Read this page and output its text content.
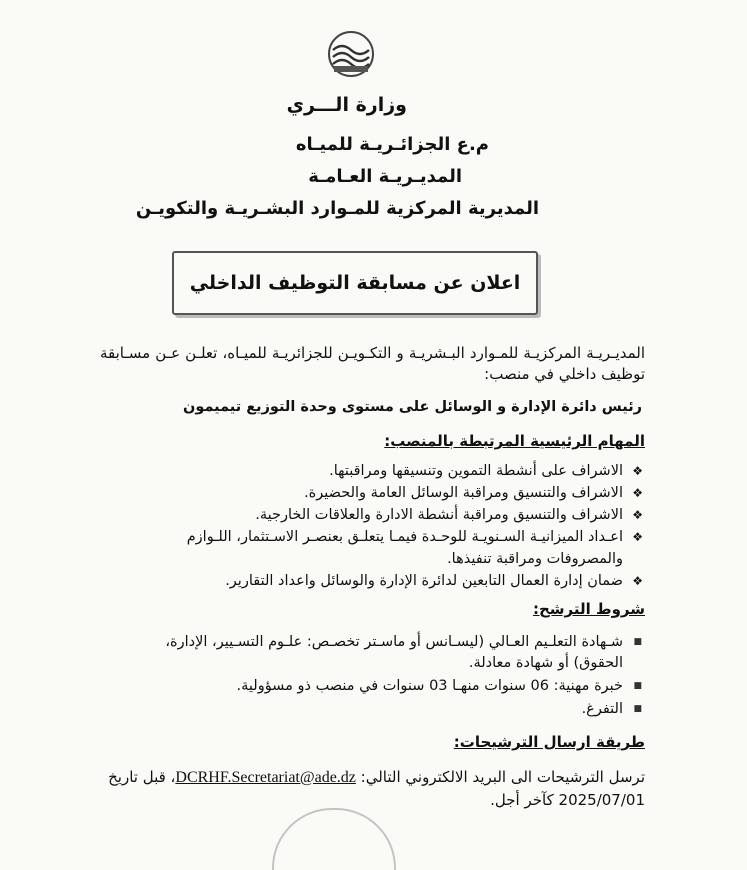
وزارة الـــري
م.ع الجزائـريـة للميـاه
المديـريـة العـامـة
المديرية المركزية للمـوارد البشـريـة والتكويـن
اعلان عن مسابقة التوظيف الداخلي
المديـريـة المركزيـة للمـوارد البـشريـة و التكـويـن للجزائريـة للميـاه، تعلـن عـن مسـابقة توظيف داخلي في منصب:
رئيس دائرة الإدارة و الوسائل على مستوى وحدة التوزيع تيميمون
المهام الرئيسية المرتبطة بالمنصب:
❖
الاشراف على أنشطة التموين وتنسيقها ومراقبتها.
❖
الاشراف والتنسيق ومراقبة الوسائل العامة والحضيرة.
❖
الاشراف والتنسيق ومراقبة أنشطة الادارة والعلاقات الخارجية.
❖
اعـداد الميزانيـة السـنويـة للوحـدة فيمـا يتعلـق بعنصـر الاسـتثمار، اللـوازم والمصروفات ومراقبة تنفيذها.
❖
ضمان إدارة العمال التابعين لدائرة الإدارة والوسائل واعداد التقارير.
شروط الترشح:
■
شـهادة التعلـيم العـالي (ليسـانس أو ماسـتر تخصـص: علـوم التسـيير، الإدارة، الحقوق) أو شهادة معادلة.
■
خبرة مهنية: 06 سنوات منهـا 03 سنوات في منصب ذو مسؤولية.
■
التفرغ.
طريقة ارسال الترشيحات:
ترسل الترشيحات الى البريد الالكتروني التالي: DCRHF.Secretariat@ade.dz، قبل تاريخ 2025/07/01 كآخر أجل.
